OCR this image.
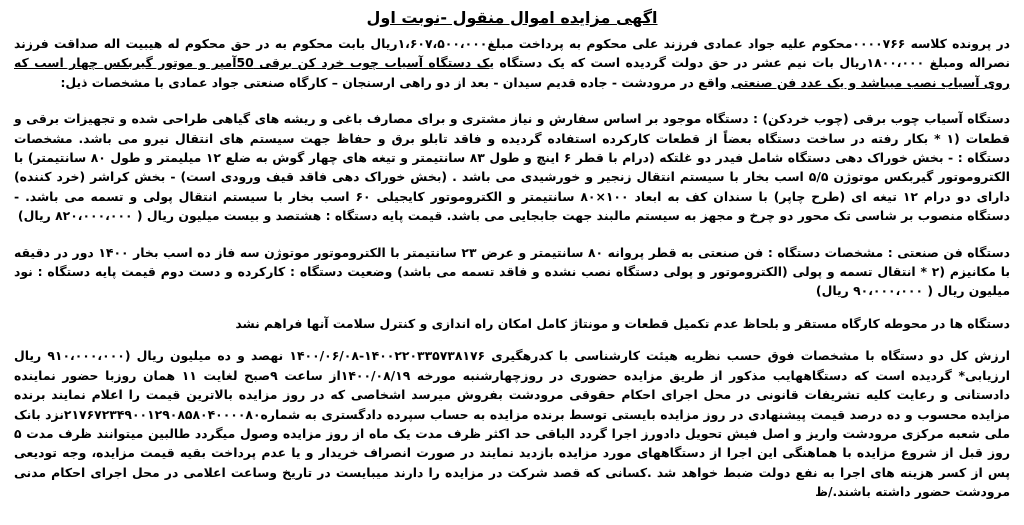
اگهی مزایده اموال منقول -نوبت اول

در پرونده کلاسه ۰۰۰۰۷۶۶محکوم علیه جواد عمادی فرزند علی محکوم به پرداخت مبلغ۱،۶۰۷،۵۰۰،۰۰۰ریال بابت محکوم به در حق محکوم له هیبیت اله صداقت فرزند نصراله ومبلغ ۱۸۰۰،۰۰۰ریال بات نیم عشر در حق دولت گردیده است که یک دستگاه یک دستگاه آسیاب چوب خرد کن برقی 50آمپر و موتور گیربکس چهار اسب که روی آسیاب نصب میباشد و یک عدد فن صنعتی واقع در مرودشت - جاده قدیم سیدان - بعد از دو راهی ارسنجان – کارگاه صنعتی جواد عمادی با مشخصات ذیل:

دستگاه آسیاب چوب برقی (چوب خردکن) : دستگاه موجود بر اساس سفارش و نیاز مشتری و برای مصارف باغی و ریشه های گیاهی طراحی شده و تجهیزات برقی و قطعات (۱ * بکار رفته در ساخت دستگاه بعضاً از قطعات کارکرده استفاده گردیده و فاقد تابلو برق و حفاظ جهت سیستم های انتقال نیرو می باشد. مشخصات دستگاه : - بخش خوراک دهی دستگاه شامل فیدر دو غلتکه (درام با قطر ۶ اینچ و طول ۸۳ سانتیمتر و تیغه های چهار گوش به ضلع ۱۲ میلیمتر و طول ۸۰ سانتیمتر) با الکتروموتور گیربکس موتوژن ۵/۵ اسب بخار با سیستم انتقال زنجیر و خورشیدی می باشد . (بخش خوراک دهی فاقد قیف ورودی است) - بخش کراشر (خرد کننده) دارای دو درام ۱۲ تیغه ای (طرح چاپر) با سندان کف به ابعاد ۱۰۰×۸۰ سانتیمتر و الکتروموتور کایجیلی ۶۰ اسب بخار با سیستم انتقال پولی و تسمه می باشد. - دستگاه منصوب بر شاسی تک محور دو چرخ و مجهز به سیستم مالبند جهت جابجایی می باشد. قیمت پایه دستگاه : هشتصد و بیست میلیون ریال ( ۸۲۰،۰۰۰،۰۰۰ ریال)

دستگاه فن صنعتی : مشخصات دستگاه : فن صنعتی به قطر پروانه ۸۰ سانتیمتر و عرض ۲۳ سانتیمتر با الکتروموتور موتوژن سه فاز ده اسب بخار ۱۴۰۰ دور در دقیقه با مکانیزم (۲ * انتقال تسمه و پولی (الکتروموتور و پولی دستگاه نصب نشده و فاقد تسمه می باشد) وضعیت دستگاه : کارکرده و دست دوم قیمت پایه دستگاه : نود میلیون ریال ( ۹۰،۰۰۰،۰۰۰ ریال)

دستگاه ها در محوطه کارگاه مستقر و بلحاظ عدم تکمیل قطعات و مونتاژ کامل امکان راه اندازی و کنترل سلامت آنها فراهم نشد

ارزش کل دو دستگاه با مشخصات فوق حسب نظریه هیئت کارشناسی با کدرهگیری ۱۴۰۰۲۲۰۳۳۵۷۳۸۱۷۶-۱۴۰۰/۰۶/۰۸ نهصد و ده میلیون ریال (۹۱۰،۰۰۰،۰۰۰ ریال ارزیابی* گردیده است که دستگاههایب مذکور از طریق مزایده حضوری در روزچهارشنبه مورخه ۱۴۰۰/۰۸/۱۹از ساعت ۹صبح لغایت ۱۱ همان روزبا حضور نماینده دادستانی و رعایت کلیه تشریفات قانونی در محل اجرای احکام حقوقی مرودشت بفروش میرسد اشخاصی که در روز مزایده بالاترین قیمت را اعلام نمایند برنده مزایده محسوب و ده درصد قیمت پیشنهادی در روز مزایده بایستی توسط برنده مزایده به حساب سپرده دادگستری به شماره۲۱۷۶۷۲۳۴۹۰۰۱۲۹۰۸۵۸۰۴۰۰۰۰۸۰نزد بانک ملی شعبه مرکزی مرودشت واریز و اصل فیش تحویل دادورز اجرا گردد الباقی حد اکثر ظرف مدت یک ماه از روز مزایده وصول میگردد طالبین میتوانند ظرف مدت ۵ روز قبل از شروع مزایده با هماهنگی این اجرا از دستگاههای مورد مزایده بازدید نمایند در صورت انصراف خریدار و یا عدم پرداخت بقیه قیمت مزایده، وجه تودیعی پس از کسر هزینه های اجرا به نفع دولت ضبط خواهد شد .کسانی که قصد شرکت در مزایده را دارند میبایست در تاریخ وساعت اعلامی در محل اجرای احکام مدنی مرودشت حضور داشته باشند./ظ
